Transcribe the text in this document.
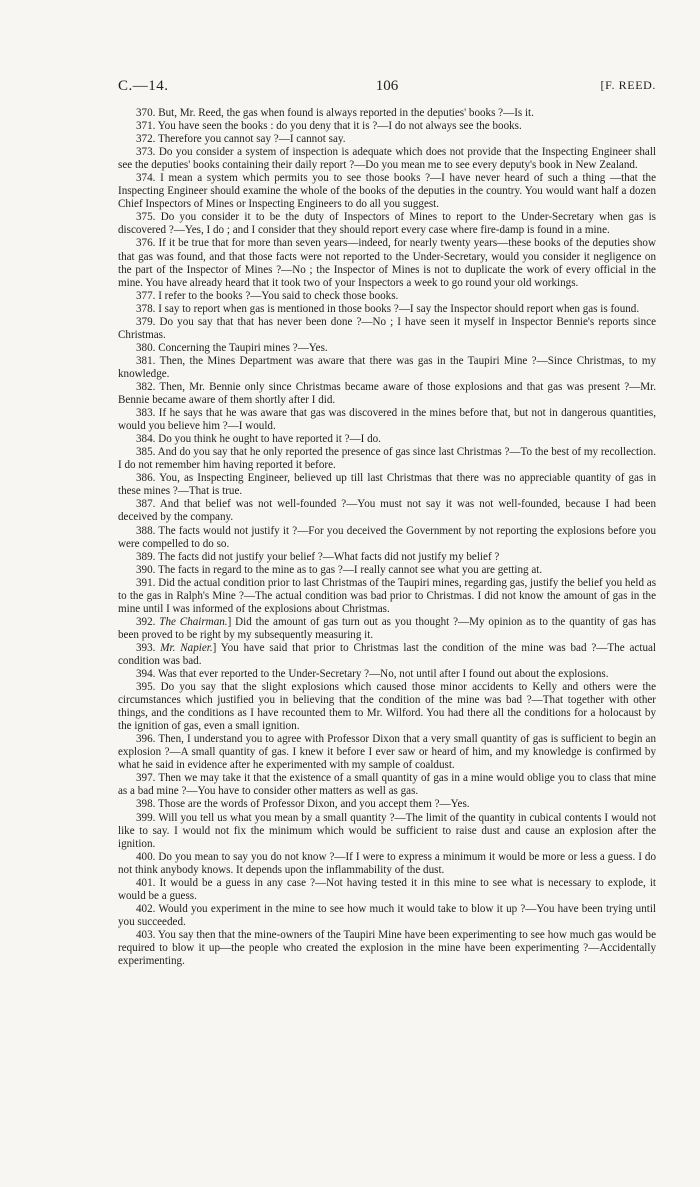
C.—14.	106	[F. REED.

370. But, Mr. Reed, the gas when found is always reported in the deputies' books ?—Is it.

371. You have seen the books : do you deny that it is ?—I do not always see the books.

372. Therefore you cannot say ?—I cannot say.

373. Do you consider a system of inspection is adequate which does not provide that the Inspecting Engineer shall see the deputies' books containing their daily report ?—Do you mean me to see every deputy's book in New Zealand.

374. I mean a system which permits you to see those books ?—I have never heard of such a thing —that the Inspecting Engineer should examine the whole of the books of the deputies in the country. You would want half a dozen Chief Inspectors of Mines or Inspecting Engineers to do all you suggest.

375. Do you consider it to be the duty of Inspectors of Mines to report to the Under-Secretary when gas is discovered ?—Yes, I do ; and I consider that they should report every case where fire-damp is found in a mine.

376. If it be true that for more than seven years—indeed, for nearly twenty years—these books of the deputies show that gas was found, and that those facts were not reported to the Under-Secretary, would you consider it negligence on the part of the Inspector of Mines ?—No ; the Inspector of Mines is not to duplicate the work of every official in the mine. You have already heard that it took two of your Inspectors a week to go round your old workings.

377. I refer to the books ?—You said to check those books.

378. I say to report when gas is mentioned in those books ?—I say the Inspector should report when gas is found.

379. Do you say that that has never been done ?—No ; I have seen it myself in Inspector Bennie's reports since Christmas.

380. Concerning the Taupiri mines ?—Yes.

381. Then, the Mines Department was aware that there was gas in the Taupiri Mine ?—Since Christmas, to my knowledge.

382. Then, Mr. Bennie only since Christmas became aware of those explosions and that gas was present ?—Mr. Bennie became aware of them shortly after I did.

383. If he says that he was aware that gas was discovered in the mines before that, but not in dangerous quantities, would you believe him ?—I would.

384. Do you think he ought to have reported it ?—I do.

385. And do you say that he only reported the presence of gas since last Christmas ?—To the best of my recollection. I do not remember him having reported it before.

386. You, as Inspecting Engineer, believed up till last Christmas that there was no appreciable quantity of gas in these mines ?—That is true.

387. And that belief was not well-founded ?—You must not say it was not well-founded, because I had been deceived by the company.

388. The facts would not justify it ?—For you deceived the Government by not reporting the explosions before you were compelled to do so.

389. The facts did not justify your belief ?—What facts did not justify my belief ?

390. The facts in regard to the mine as to gas ?—I really cannot see what you are getting at.

391. Did the actual condition prior to last Christmas of the Taupiri mines, regarding gas, justify the belief you held as to the gas in Ralph's Mine ?—The actual condition was bad prior to Christmas. I did not know the amount of gas in the mine until I was informed of the explosions about Christmas.

392. The Chairman.] Did the amount of gas turn out as you thought ?—My opinion as to the quantity of gas has been proved to be right by my subsequently measuring it.

393. Mr. Napier.] You have said that prior to Christmas last the condition of the mine was bad ?—The actual condition was bad.

394. Was that ever reported to the Under-Secretary ?—No, not until after I found out about the explosions.

395. Do you say that the slight explosions which caused those minor accidents to Kelly and others were the circumstances which justified you in believing that the condition of the mine was bad ?—That together with other things, and the conditions as I have recounted them to Mr. Wilford. You had there all the conditions for a holocaust by the ignition of gas, even a small ignition.

396. Then, I understand you to agree with Professor Dixon that a very small quantity of gas is sufficient to begin an explosion ?—A small quantity of gas. I knew it before I ever saw or heard of him, and my knowledge is confirmed by what he said in evidence after he experimented with my sample of coaldust.

397. Then we may take it that the existence of a small quantity of gas in a mine would oblige you to class that mine as a bad mine ?—You have to consider other matters as well as gas.

398. Those are the words of Professor Dixon, and you accept them ?—Yes.

399. Will you tell us what you mean by a small quantity ?—The limit of the quantity in cubical contents I would not like to say. I would not fix the minimum which would be sufficient to raise dust and cause an explosion after the ignition.

400. Do you mean to say you do not know ?—If I were to express a minimum it would be more or less a guess. I do not think anybody knows. It depends upon the inflammability of the dust.

401. It would be a guess in any case ?—Not having tested it in this mine to see what is necessary to explode, it would be a guess.

402. Would you experiment in the mine to see how much it would take to blow it up ?—You have been trying until you succeeded.

403. You say then that the mine-owners of the Taupiri Mine have been experimenting to see how much gas would be required to blow it up—the people who created the explosion in the mine have been experimenting ?—Accidentally experimenting.
